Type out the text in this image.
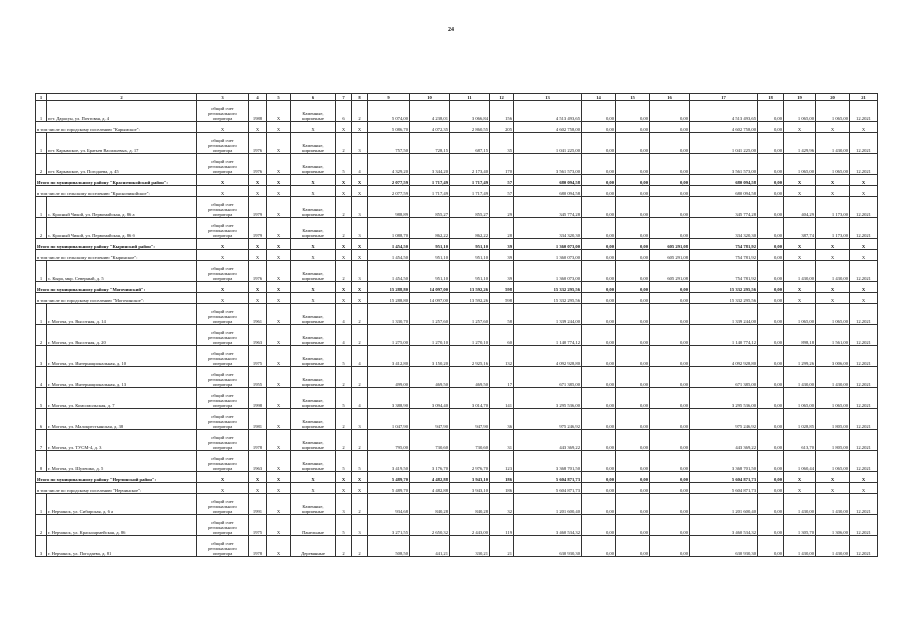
24
1	2	3	4	5	6	7	8	9	10	11	12	13	14	15	16	17	18	19	20	21
1	пгт. Дарасун, ул. Почтовая, д. 4	общий счет регионального оператора	1988	X	Каменные, кирпичные	6	2	5 074,00	4 238,01	3 066,84	156	4 513 493,65	0,00	0,00	0,00	4 513 493,65	0,00	1 065,00	1 065,00	12.2021
в том числе по городскому поселению "Карымское":		X	X	X	X	X	X	5 086,70	4 072,35	2 860,55	205	4 602 758,00	0,00	0,00	0,00	4 602 758,00	0,00	X	X	X
1	пгт. Карымское, ул. Братьев Васильевых, д. 17	общий счет регионального оператора	1976	X	Каменные, кирпичные	2	3	757,50	728,15	687,15	35	1 041 225,00	0,00	0,00	0,00	1 041 225,00	0,00	1 429,96	1 430,00	12.2021
2	пгт. Карымское, ул. Погодаева, д. 45	общий счет регионального оператора	1976	X	Каменные, кирпичные	5	4	4 329,20	3 344,20	2 173,40	170	3 561 573,00	0,00	0,00	0,00	3 561 573,00	0,00	1 065,00	1 065,00	12.2021
Итого по муниципальному району "Красночикойский район":		X	X	X	X	X	X	2 077,59	1 717,49	1 717,49	57	680 094,58	0,00	0,00	0,00	680 094,58	0,00	X	X	X
в том числе по сельскому поселению "Красночикойское":		X	X	X	X	X	X	2 077,59	1 717,49	1 717,49	57	680 094,58	0,00	0,00	0,00	680 094,58	0,00	X	X	X
1	с. Красный Чикой, ул. Первомайская, д. 86 а	общий счет регионального оператора	1979	X	Каменные, кирпичные	2	3	988,89	855,27	855,27	29	345 774,28	0,00	0,00	0,00	345 774,28	0,00	404,29	1 173,00	12.2021
2	с. Красный Чикой, ул. Первомайская, д. 86 б	общий счет регионального оператора	1979	X	Каменные, кирпичные	2	3	1 088,70	862,22	862,22	28	334 320,30	0,00	0,00	0,00	334 320,30	0,00	387,74	1 173,00	12.2021
Итого по муниципальному району "Кыринский район":		X	X	X	X	X	X	1 454,50	951,10	951,10	39	1 360 073,00	0,00	0,00	605 291,08	754 781,92	0,00	X	X	X
в том числе по сельскому поселению "Кыринское":		X	X	X	X	X	X	1 454,50	951,10	951,10	39	1 360 073,00	0,00	0,00	605 291,08	754 781,92	0,00	X	X	X
1	с. Кыра, мкр. Северный, д. 5	общий счет регионального оператора	1976	X	Каменные, кирпичные	2	3	1 454,50	951,10	951,10	39	1 360 073,00	0,00	0,00	605 291,08	754 781,92	0,00	1 430,00	1 430,00	12.2021
Итого по муниципальному району "Могочинский":		X	X	X	X	X	X	15 288,80	14 097,00	13 592,26	598	15 332 295,56	0,00	0,00	0,00	15 332 295,56	0,00	X	X	X
в том числе по городскому поселению "Могочинское":		X	X	X	X	X	X	15 288,80	14 097,00	13 592,26	598	15 332 295,56	0,00	0,00	0,00	15 332 295,56	0,00	X	X	X
1	г. Могоча, ул. Высотная, д. 14	общий счет регионального оператора	1961	X	Каменные, кирпичные	4	2	1 330,70	1 257,60	1 257,60	58	1 339 244,00	0,00	0,00	0,00	1 339 244,00	0,00	1 065,00	1 065,00	12.2021
2	г. Могоча, ул. Высотная, д. 20	общий счет регионального оператора	1963	X	Каменные, кирпичные	4	2	1 275,00	1 270,10	1 270,10	60	1 140 774,12	0,00	0,00	0,00	1 140 774,12	0,00	898,18	1 561,00	12.2021
3	г. Могоча, ул. Интернациональная, д. 10	общий счет регионального оператора	1975	X	Каменные, кирпичные	5	4	3 412,80	3 150,20	2 925,16	132	4 092 928,80	0,00	0,00	0,00	4 092 928,80	0,00	1 299,26	3 006,00	12.2021
4	г. Могоча, ул. Интернациональная, д. 13	общий счет регионального оператора	1955	X	Каменные, кирпичные	2	2	499,00	469,50	469,50	17	671 385,00	0,00	0,00	0,00	671 385,00	0,00	1 430,00	1 430,00	12.2021
5	г. Могоча, ул. Комсомольская, д. 7	общий счет регионального оператора	1998	X	Каменные, кирпичные	5	4	3 388,90	3 094,40	3 014,70	141	3 295 536,00	0,00	0,00	0,00	3 295 536,00	0,00	1 065,00	1 065,00	12.2021
6	г. Могоча, ул. Малокрестьянская, д. 38	общий счет регионального оператора	1981	X	Каменные, кирпичные	2	3	1 047,90	947,90	947,90	36	975 246,92	0,00	0,00	0,00	975 246,92	0,00	1 028,85	1 805,00	12.2021
7	г. Могоча, ул. ТУСМ-4, д. 3	общий счет регионального оператора	1978	X	Каменные, кирпичные	2	2	795,00	730,60	730,60	31	443 369,22	0,00	0,00	0,00	443 369,22	0,00	613,70	1 805,00	12.2021
8	г. Могоча, ул. Шулешко, д. 5	общий счет регионального оператора	1963	X	Каменные, кирпичные	5	5	3 419,50	3 176,70	2 976,70	123	3 368 701,50	0,00	0,00	0,00	3 368 701,50	0,00	1 060,44	1 065,00	12.2021
Итого по муниципальному району "Нерчинский район":		X	X	X	X	X	X	5 489,70	4 482,88	3 943,10	186	5 604 871,73	0,00	0,00	0,00	5 604 871,73	0,00	X	X	X
в том числе по городскому поселению "Нерчинское":		X	X	X	X	X	X	5 489,70	4 482,88	3 943,10	186	5 604 871,73	0,00	0,00	0,00	5 604 871,73	0,00	X	X	X
1	г. Нерчинск, ул. Сибирская, д. 6 а	общий счет регионального оператора	1991	X	Каменные, кирпичные	3	2	934,68	840,28	840,28	32	1 201 600,40	0,00	0,00	0,00	1 201 600,40	0,00	1 430,00	1 430,00	12.2021
2	г. Нерчинск, ул. Красноармейская, д. 86	общий счет регионального оператора	1975	X	Панельные	5	3	3 271,55	2 650,32	2 443,00	119	3 460 534,32	0,00	0,00	0,00	3 460 534,32	0,00	1 305,70	1 306,00	12.2021
3	г. Нерчинск, ул. Погодаева, д. 81	общий счет регионального оператора	1978	X	Деревянные	2	2	508,50	441,21	330,21	21	630 930,30	0,00	0,00	0,00	630 930,30	0,00	1 430,00	1 430,00	12.2021
